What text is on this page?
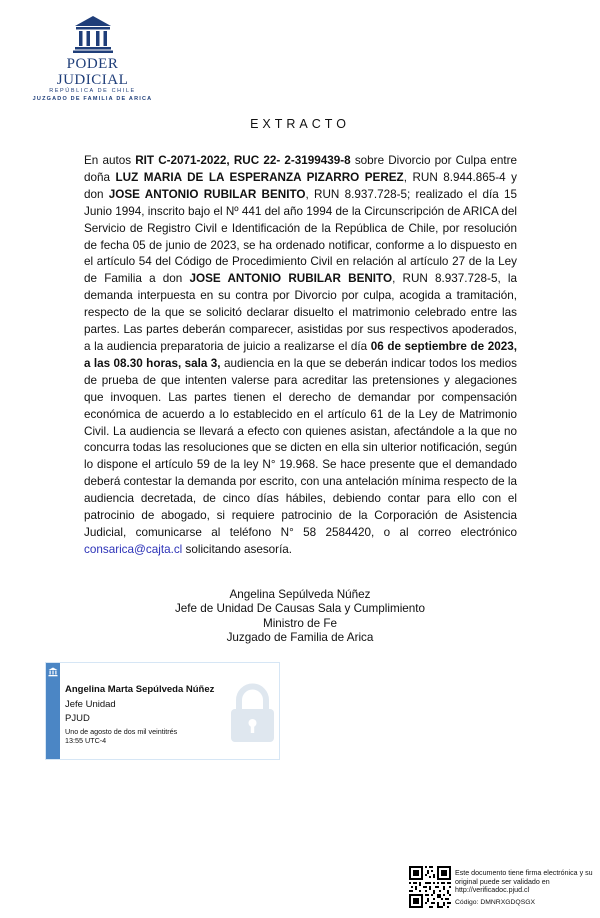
PODER JUDICIAL
REPÚBLICA DE CHILE
JUZGADO DE FAMILIA DE ARICA
EXTRACTO
En autos RIT C-2071-2022, RUC 22- 2-3199439-8 sobre Divorcio por Culpa entre doña LUZ MARIA DE LA ESPERANZA PIZARRO PEREZ, RUN 8.944.865-4 y don JOSE ANTONIO RUBILAR BENITO, RUN 8.937.728-5; realizado el día 15 Junio 1994, inscrito bajo el Nº 441 del año 1994 de la Circunscripción de ARICA del Servicio de Registro Civil e Identificación de la República de Chile, por resolución de fecha 05 de junio de 2023, se ha ordenado notificar, conforme a lo dispuesto en el artículo 54 del Código de Procedimiento Civil en relación al artículo 27 de la Ley de Familia a don JOSE ANTONIO RUBILAR BENITO, RUN 8.937.728-5, la demanda interpuesta en su contra por Divorcio por culpa, acogida a tramitación, respecto de la que se solicitó declarar disuelto el matrimonio celebrado entre las partes. Las partes deberán comparecer, asistidas por sus respectivos apoderados, a la audiencia preparatoria de juicio a realizarse el día 06 de septiembre de 2023, a las 08.30 horas, sala 3, audiencia en la que se deberán indicar todos los medios de prueba de que intenten valerse para acreditar las pretensiones y alegaciones que invoquen. Las partes tienen el derecho de demandar por compensación económica de acuerdo a lo establecido en el artículo 61 de la Ley de Matrimonio Civil. La audiencia se llevará a efecto con quienes asistan, afectándole a la que no concurra todas las resoluciones que se dicten en ella sin ulterior notificación, según lo dispone el artículo 59 de la ley N° 19.968. Se hace presente que el demandado deberá contestar la demanda por escrito, con una antelación mínima respecto de la audiencia decretada, de cinco días hábiles, debiendo contar para ello con el patrocinio de abogado, si requiere patrocinio de la Corporación de Asistencia Judicial, comunicarse al teléfono N° 58 2584420, o al correo electrónico consarica@cajta.cl solicitando asesoría.
Angelina Sepúlveda Núñez
Jefe de Unidad De Causas Sala y Cumplimiento
Ministro de Fe
Juzgado de Familia de Arica
Angelina Marta Sepúlveda Núñez
Jefe Unidad
PJUD
Uno de agosto de dos mil veintitrés
13:55 UTC-4
Este documento tiene firma electrónica y su original puede ser validado en http://verificadoc.pjud.cl
Código: DMNRXGDQSGX
